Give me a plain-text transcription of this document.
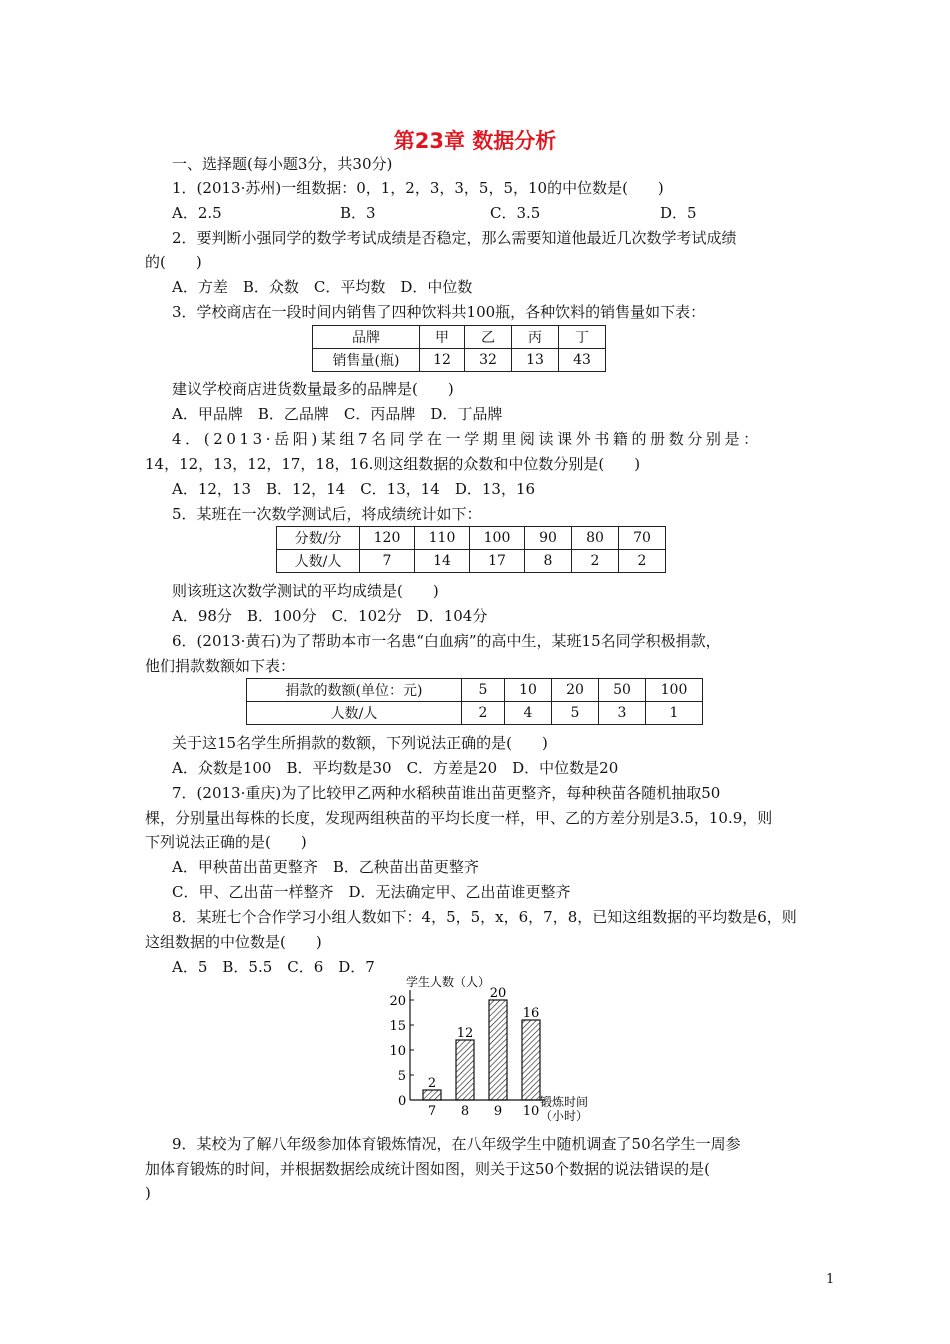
第23章 数据分析
一、选择题(每小题3分，共30分)
1．(2013·苏州)一组数据：0，1，2，3，3，5，5，10的中位数是(　　)
A．2.5	B．3	C．3.5	D．5
2．要判断小强同学的数学考试成绩是否稳定，那么需要知道他最近几次数学考试成绩
的(　　)
A．方差　B．众数　C．平均数　D．中位数
3．学校商店在一段时间内销售了四种饮料共100瓶，各种饮料的销售量如下表：
品牌	甲	乙	丙	丁
销售量(瓶)	12	32	13	43
建议学校商店进货数量最多的品牌是(　　)
A．甲品牌　B．乙品牌　C．丙品牌　D．丁品牌
4．(2013·岳阳)某组7名同学在一学期里阅读课外书籍的册数分别是：
14，12，13，12，17，18，16.则这组数据的众数和中位数分别是(　　)
A．12，13　B．12，14　C．13，14　D．13，16
5．某班在一次数学测试后，将成绩统计如下：
分数/分	120	110	100	90	80	70
人数/人	7	14	17	8	2	2
则该班这次数学测试的平均成绩是(　　)
A．98分　B．100分　C．102分　D．104分
6．(2013·黄石)为了帮助本市一名患“白血病”的高中生，某班15名同学积极捐款，
他们捐款数额如下表：
捐款的数额(单位：元)	5	10	20	50	100
人数/人	2	4	5	3	1
关于这15名学生所捐款的数额，下列说法正确的是(　　)
A．众数是100　B．平均数是30　C．方差是20　D．中位数是20
7．(2013·重庆)为了比较甲乙两种水稻秧苗谁出苗更整齐，每种秧苗各随机抽取50
棵，分别量出每株的长度，发现两组秧苗的平均长度一样，甲、乙的方差分别是3.5，10.9，则
下列说法正确的是(　　)
A．甲秧苗出苗更整齐　B．乙秧苗出苗更整齐
C．甲、乙出苗一样整齐　D．无法确定甲、乙出苗谁更整齐
8．某班七个合作学习小组人数如下：4，5，5，x，6，7，8，已知这组数据的平均数是6，则
这组数据的中位数是(　　)
A．5　B．5.5　C．6　D．7
学生人数（人）
0	锻炼时间
（小时）
5
10
15
20
2
7
12
8
20
9
16
10
9．某校为了解八年级参加体育锻炼情况，在八年级学生中随机调查了50名学生一周参
加体育锻炼的时间，并根据数据绘成统计图如图，则关于这50个数据的说法错误的是(
)
1
